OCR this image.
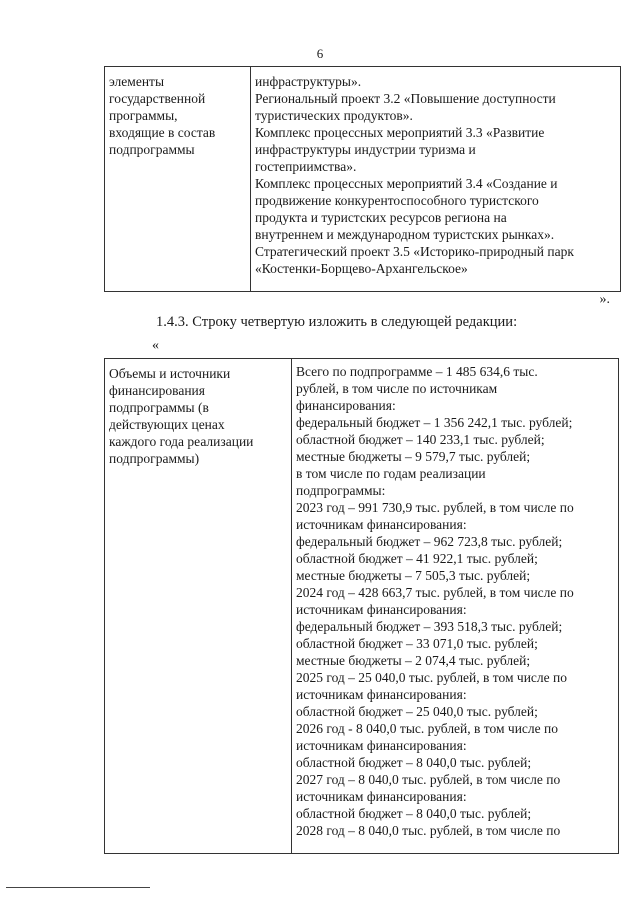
6
элементы
государственной
программы,
входящие в состав
подпрограммы

инфраструктуры».
Региональный проект 3.2 «Повышение доступности
туристических продуктов».
Комплекс процессных мероприятий 3.3 «Развитие
инфраструктуры индустрии туризма и
гостеприимства».
Комплекс процессных мероприятий 3.4 «Создание и
продвижение конкурентоспособного туристского
продукта и туристских ресурсов региона на
внутреннем и международном туристских рынках».
Стратегический проект 3.5 «Историко-природный парк
«Костенки-Борщево-Архангельское»
».
1.4.3. Строку четвертую изложить в следующей редакции:
«
Объемы и источники
финансирования
подпрограммы (в
действующих ценах
каждого года реализации
подпрограммы)

Всего по подпрограмме – 1 485 634,6 тыс.
рублей, в том числе по источникам
финансирования:
федеральный бюджет – 1 356 242,1 тыс. рублей;
областной бюджет – 140 233,1 тыс. рублей;
местные бюджеты – 9 579,7 тыс. рублей;
в том числе по годам реализации
подпрограммы:
2023 год – 991 730,9 тыс. рублей, в том числе по
источникам финансирования:
федеральный бюджет – 962 723,8 тыс. рублей;
областной бюджет – 41 922,1 тыс. рублей;
местные бюджеты – 7 505,3 тыс. рублей;
2024 год – 428 663,7 тыс. рублей, в том числе по
источникам финансирования:
федеральный бюджет – 393 518,3 тыс. рублей;
областной бюджет – 33 071,0 тыс. рублей;
местные бюджеты – 2 074,4 тыс. рублей;
2025 год – 25 040,0 тыс. рублей, в том числе по
источникам финансирования:
областной бюджет – 25 040,0 тыс. рублей;
2026 год - 8 040,0 тыс. рублей, в том числе по
источникам финансирования:
областной бюджет – 8 040,0 тыс. рублей;
2027 год – 8 040,0 тыс. рублей, в том числе по
источникам финансирования:
областной бюджет – 8 040,0 тыс. рублей;
2028 год – 8 040,0 тыс. рублей, в том числе по
